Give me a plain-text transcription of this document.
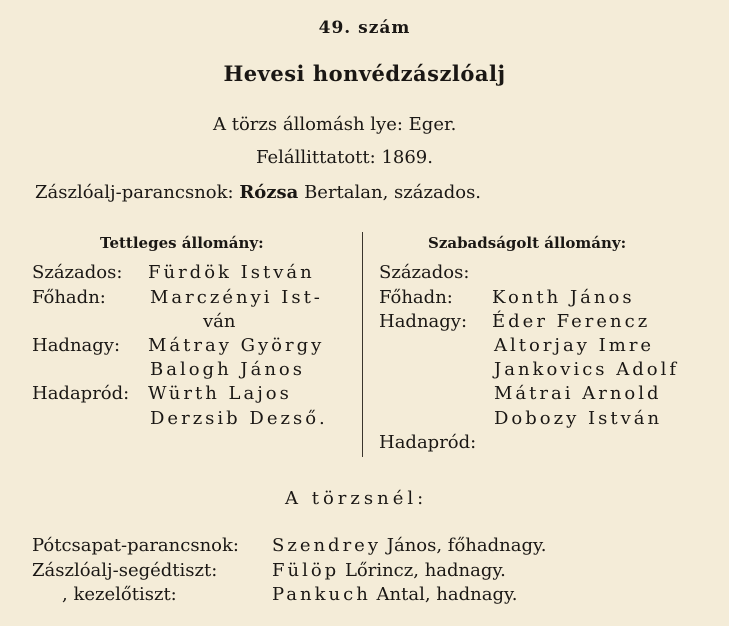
49. szám
Hevesi honvédzászlóalj
A törzs állomásh lye: Eger.
Felállittatott: 1869.
Zászlóalj-parancsnok: Rózsa Bertalan, százados.
Tettleges állomány:	Szabadságolt állomány:
Százados: Fürdök István
Főhadn: Marczényi Ist-
ván
Hadnagy: Mátray György
Balogh János
Hadapród: Würth Lajos
Derzsib Dezső.
Százados:
Főhadn: Konth János
Hadnagy: Éder Ferencz
Altorjay Imre
Jankovics Adolf
Mátrai Arnold
Dobozy István
Hadapród:
A törzsnél:
Pótcsapat-parancsnok: Szendrey János, főhadnagy.
Zászlóalj-segédtiszt:	Fülöp Lőrincz, hadnagy.
, kezelőtiszt:	Pankuch Antal, hadnagy.
